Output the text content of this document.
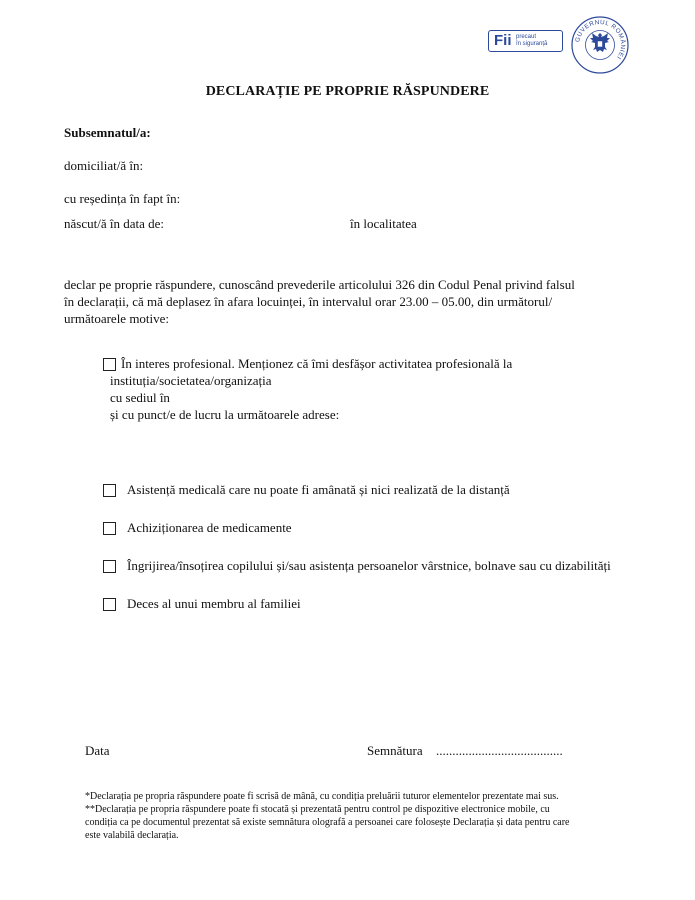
Fii precaut
în siguranță
GUVERNUL ROMÂNIEI
DECLARAȚIE PE PROPRIE RĂSPUNDERE
Subsemnatul/a:
domiciliat/ă în:
cu reședința în fapt în:
născut/ă în data de:	în localitatea
declar pe proprie răspundere, cunoscând prevederile articolului 326 din Codul Penal privind falsul
în declarații, că mă deplasez în afara locuinței, în intervalul orar 23.00 – 05.00, din următorul/
următoarele motive:
În interes profesional. Menționez că îmi desfășor activitatea profesională la
instituția/societatea/organizația
cu sediul în
și cu punct/e de lucru la următoarele adrese:
Asistență medicală care nu poate fi amânată și nici realizată de la distanță
Achiziționarea de medicamente
Îngrijirea/însoțirea copilului și/sau asistența persoanelor vârstnice, bolnave sau cu dizabilități
Deces al unui membru al familiei
Data	Semnătura .......................................
*Declarația pe propria răspundere poate fi scrisă de mână, cu condiția preluării tuturor elementelor prezentate mai sus.
**Declarația pe propria răspundere poate fi stocată și prezentată pentru control pe dispozitive electronice mobile, cu
condiția ca pe documentul prezentat să existe semnătura olografă a persoanei care folosește Declarația și data pentru care
este valabilă declarația.
